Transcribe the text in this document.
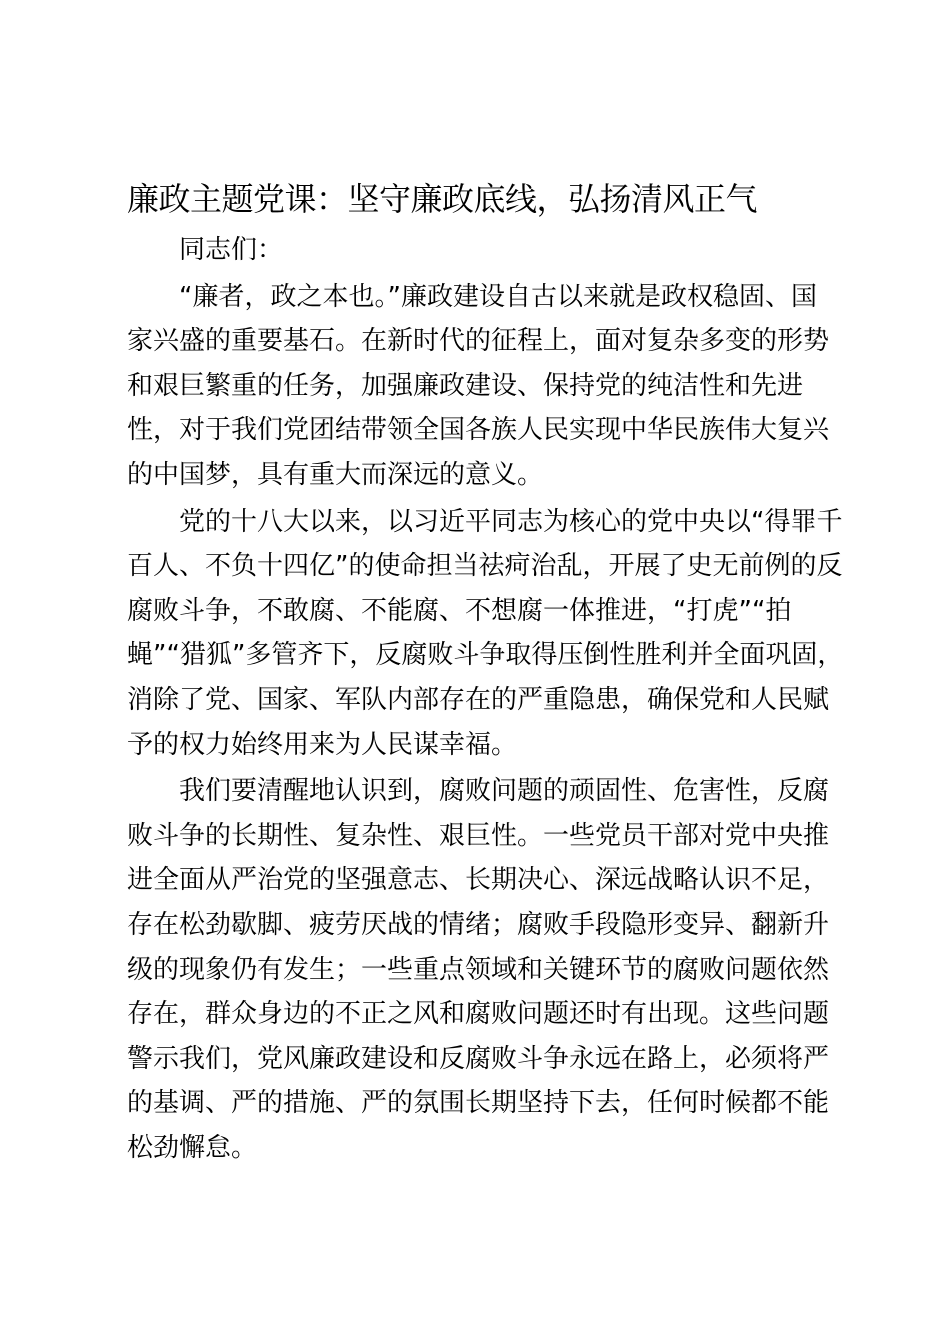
廉政主题党课：坚守廉政底线，弘扬清风正气

同志们：

“廉者，政之本也。”廉政建设自古以来就是政权稳固、国
家兴盛的重要基石。在新时代的征程上，面对复杂多变的形势
和艰巨繁重的任务，加强廉政建设、保持党的纯洁性和先进
性，对于我们党团结带领全国各族人民实现中华民族伟大复兴
的中国梦，具有重大而深远的意义。

党的十八大以来，以习近平同志为核心的党中央以“得罪千
百人、不负十四亿”的使命担当祛疴治乱，开展了史无前例的反
腐败斗争，不敢腐、不能腐、不想腐一体推进，“打虎”“拍
蝇”“猎狐”多管齐下，反腐败斗争取得压倒性胜利并全面巩固，
消除了党、国家、军队内部存在的严重隐患，确保党和人民赋
予的权力始终用来为人民谋幸福。

我们要清醒地认识到，腐败问题的顽固性、危害性，反腐
败斗争的长期性、复杂性、艰巨性。一些党员干部对党中央推
进全面从严治党的坚强意志、长期决心、深远战略认识不足，
存在松劲歇脚、疲劳厌战的情绪；腐败手段隐形变异、翻新升
级的现象仍有发生；一些重点领域和关键环节的腐败问题依然
存在，群众身边的不正之风和腐败问题还时有出现。这些问题
警示我们，党风廉政建设和反腐败斗争永远在路上，必须将严
的基调、严的措施、严的氛围长期坚持下去，任何时候都不能
松劲懈怠。
